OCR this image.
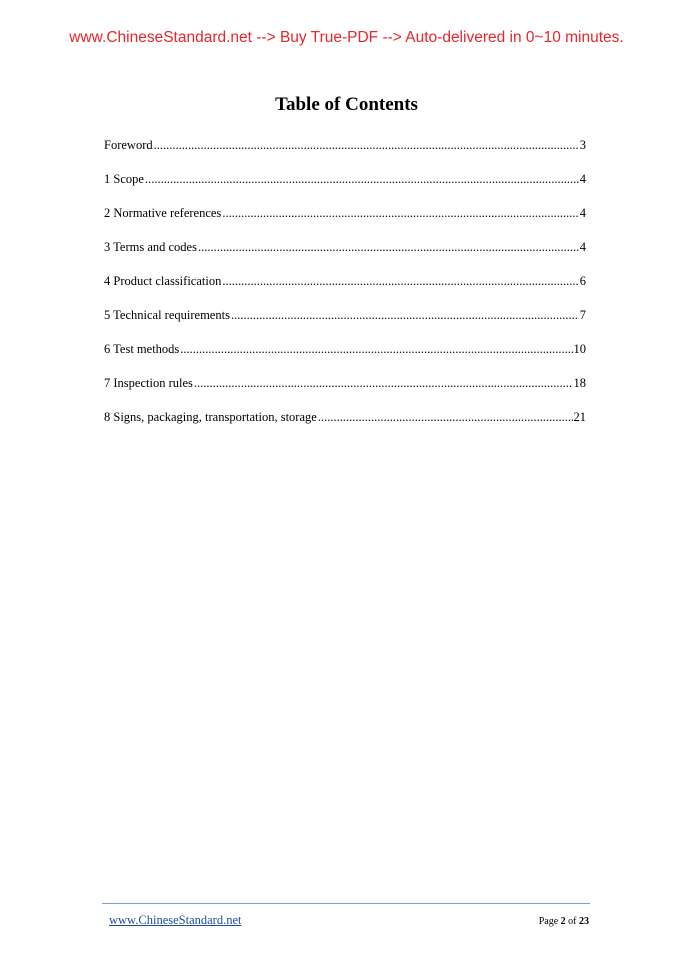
www.ChineseStandard.net --> Buy True-PDF --> Auto-delivered in 0~10 minutes.
Table of Contents
Foreword .....	3
1 Scope .....	4
2 Normative references .....	4
3 Terms and codes .....	4
4 Product classification .....	6
5 Technical requirements .....	7
6 Test methods .....	10
7 Inspection rules .....	18
8 Signs, packaging, transportation, storage .....	21
www.ChineseStandard.net	Page 2 of 23
